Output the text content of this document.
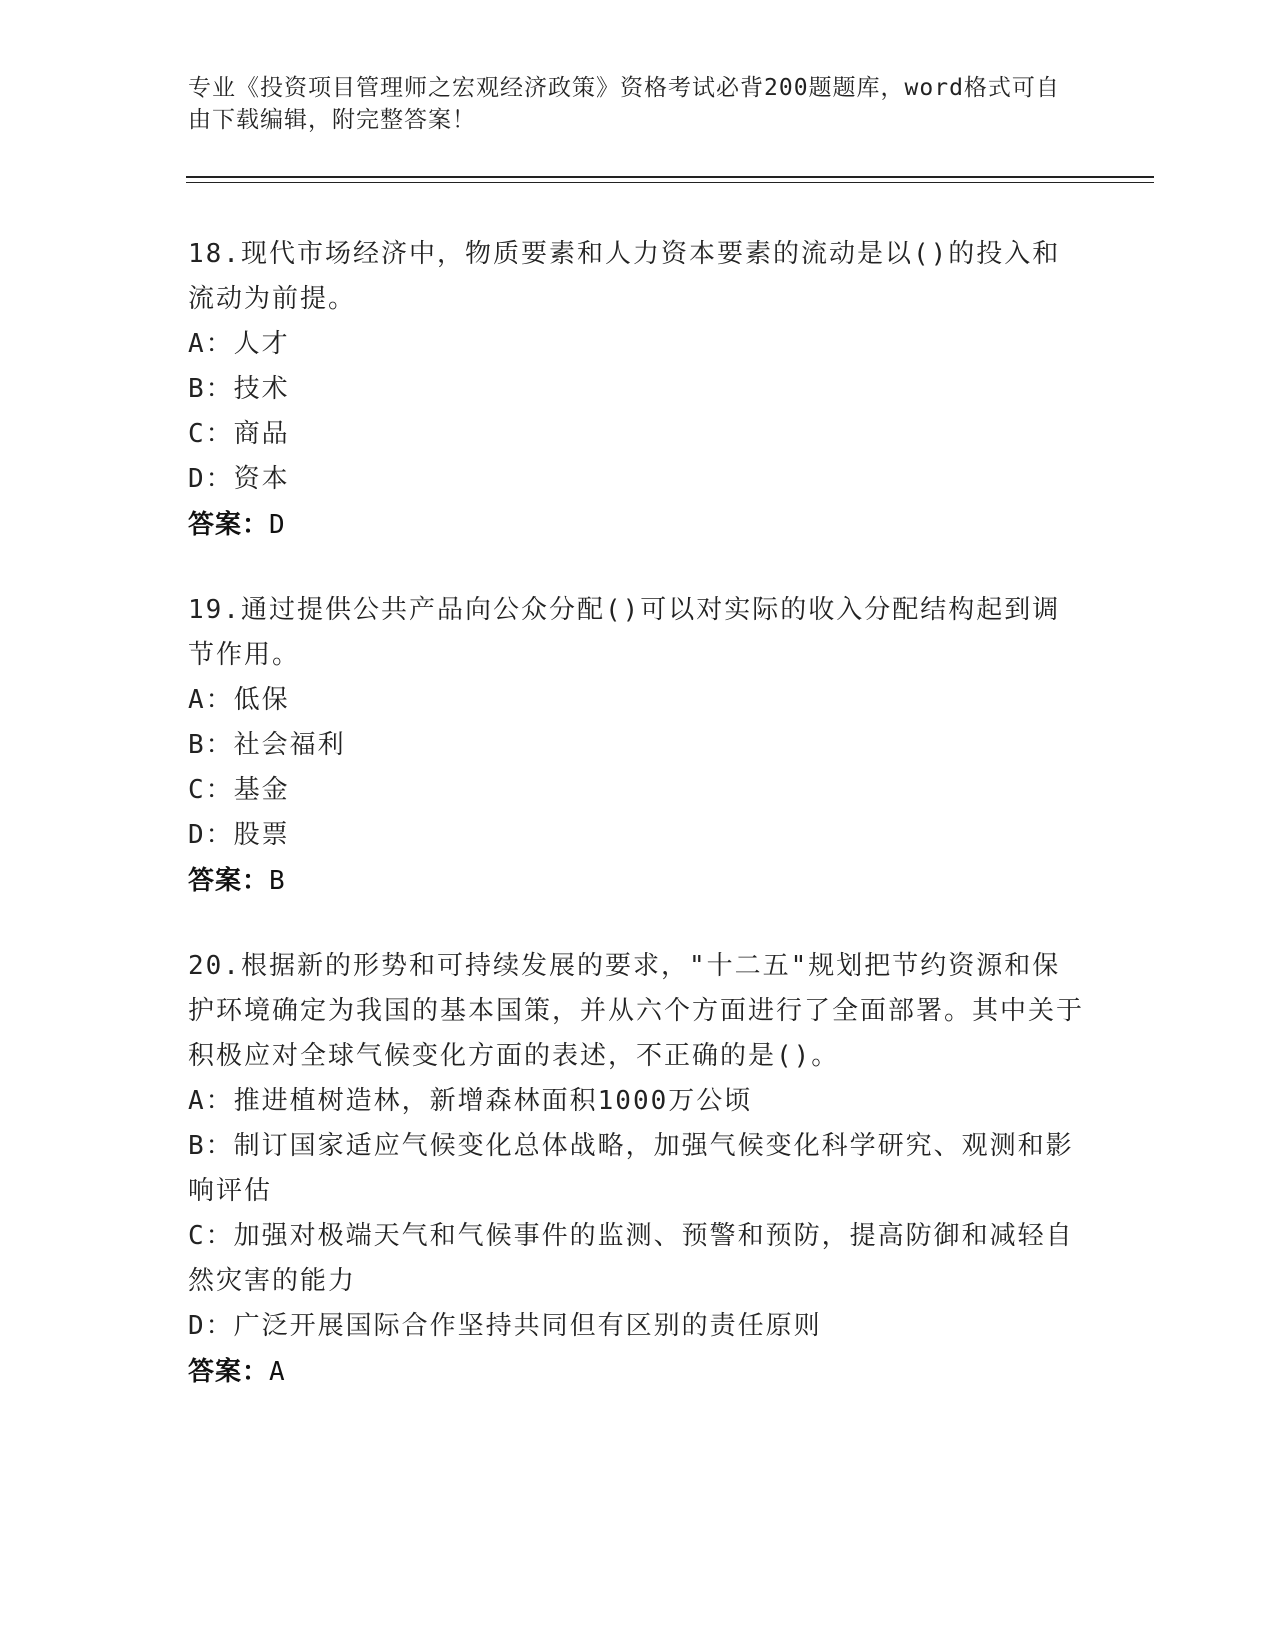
专业《投资项目管理师之宏观经济政策》资格考试必背200题题库，word格式可自由下载编辑，附完整答案！

18.现代市场经济中，物质要素和人力资本要素的流动是以()的投入和流动为前提。

A：人才

B：技术

C：商品

D：资本

答案：D

19.通过提供公共产品向公众分配()可以对实际的收入分配结构起到调节作用。

A：低保

B：社会福利

C：基金

D：股票

答案：B

20.根据新的形势和可持续发展的要求，"十二五"规划把节约资源和保护环境确定为我国的基本国策，并从六个方面进行了全面部署。其中关于积极应对全球气候变化方面的表述，不正确的是()。

A：推进植树造林，新增森林面积1000万公顷

B：制订国家适应气候变化总体战略，加强气候变化科学研究、观测和影响评估

C：加强对极端天气和气候事件的监测、预警和预防，提高防御和减轻自然灾害的能力

D：广泛开展国际合作坚持共同但有区别的责任原则

答案：A
